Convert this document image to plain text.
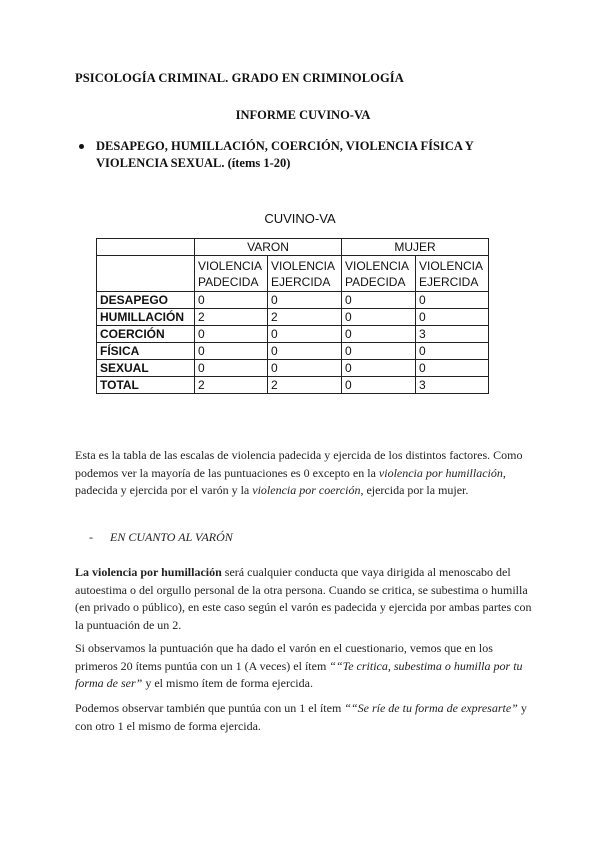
PSICOLOGÍA CRIMINAL. GRADO EN CRIMINOLOGÍA
INFORME CUVINO-VA
DESAPEGO, HUMILLACIÓN, COERCIÓN, VIOLENCIA FÍSICA Y VIOLENCIA SEXUAL. (ítems 1-20)
CUVINO-VA
	VARON		MUJER	
	VIOLENCIA PADECIDA	VIOLENCIA EJERCIDA	VIOLENCIA PADECIDA	VIOLENCIA EJERCIDA
DESAPEGO	0	0	0	0
HUMILLACIÓN	2	2	0	0
COERCIÓN	0	0	0	3
FÍSICA	0	0	0	0
SEXUAL	0	0	0	0
TOTAL	2	2	0	3
Esta es la tabla de las escalas de violencia padecida y ejercida de los distintos factores. Como podemos ver la mayoría de las puntuaciones es 0 excepto en la violencia por humillación, padecida y ejercida por el varón y la violencia por coerción, ejercida por la mujer.
- EN CUANTO AL VARÓN
La violencia por humillación será cualquier conducta que vaya dirigida al menoscabo del autoestima o del orgullo personal de la otra persona. Cuando se critica, se subestima o humilla (en privado o público), en este caso según el varón es padecida y ejercida por ambas partes con la puntuación de un 2.
Si observamos la puntuación que ha dado el varón en el cuestionario, vemos que en los primeros 20 ítems puntúa con un 1 (A veces) el ítem ““Te critica, subestima o humilla por tu forma de ser” y el mismo ítem de forma ejercida.
Podemos observar también que puntúa con un 1 el ítem ““Se ríe de tu forma de expresarte” y con otro 1 el mismo de forma ejercida.
